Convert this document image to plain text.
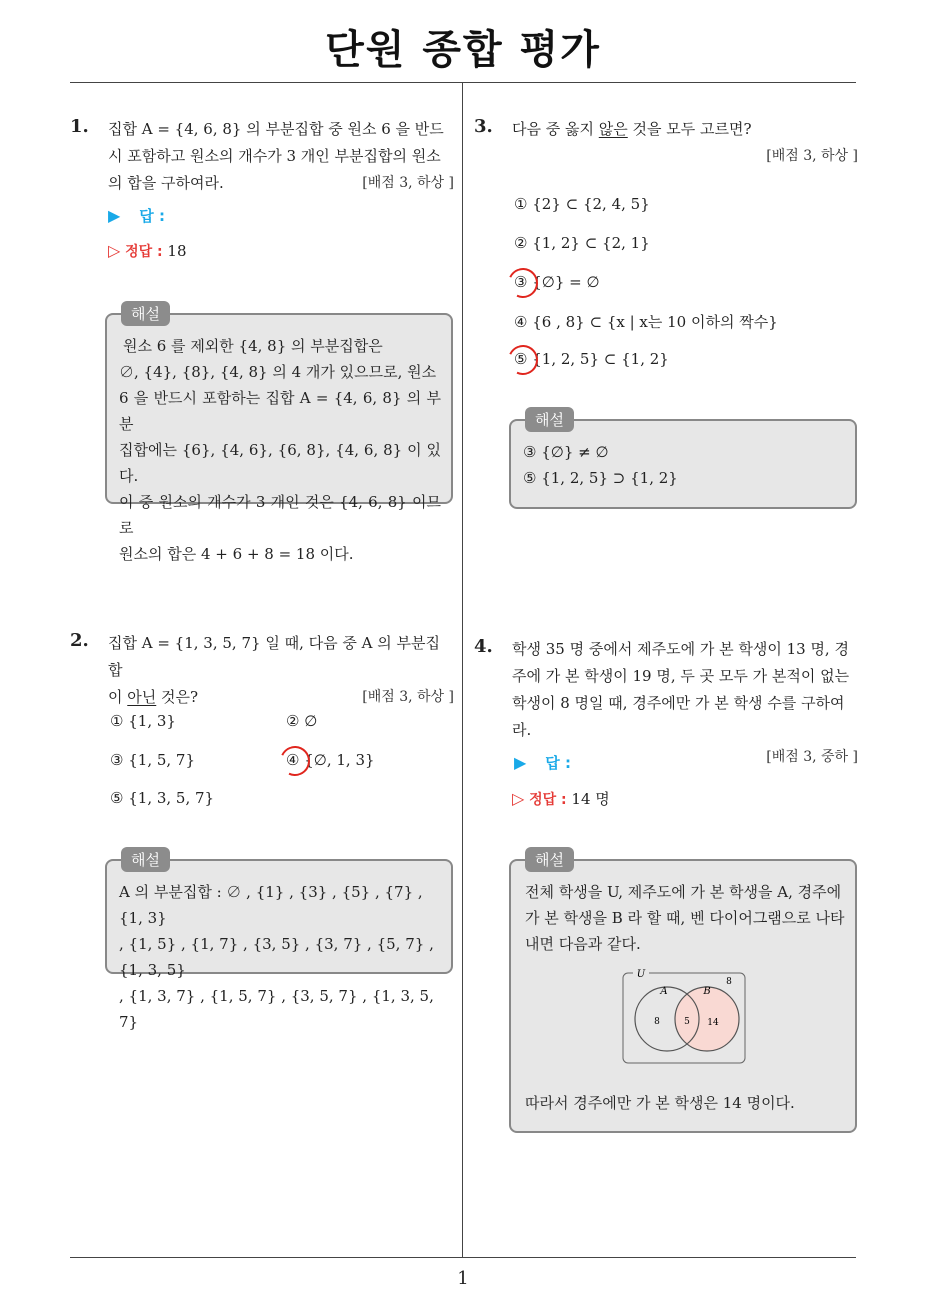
단원 종합 평가
1
1. 집합 A = {4, 6, 8} 의 부분집합 중 원소 6 을 반드시 포함하고 원소의 개수가 3 개인 부분집합의 원소의 합을 구하여라.	[배점 3, 하상 ]
▶ 답 :
▷ 정답 : 18
해설
원소 6 를 제외한 {4, 8} 의 부분집합은
∅, {4}, {8}, {4, 8} 의 4 개가 있으므로, 원소
6 을 반드시 포함하는 집합 A = {4, 6, 8} 의 부분
집합에는 {6}, {4, 6}, {6, 8}, {4, 6, 8} 이 있다.
이 중 원소의 개수가 3 개인 것은 {4, 6, 8} 이므로
원소의 합은 4 + 6 + 8 = 18 이다.
2. 집합 A = {1, 3, 5, 7} 일 때, 다음 중 A 의 부분집합
이 아닌 것은?	[배점 3, 하상 ]
① {1, 3}	② ∅
③ {1, 5, 7}	④ {∅, 1, 3}
⑤ {1, 3, 5, 7}
해설
A 의 부분집합 : ∅ , {1} , {3} , {5} , {7} , {1, 3}
, {1, 5} , {1, 7} , {3, 5} , {3, 7} , {5, 7} , {1, 3, 5}
, {1, 3, 7} , {1, 5, 7} , {3, 5, 7} , {1, 3, 5, 7}
3. 다음 중 옳지 않은 것을 모두 고르면?
[배점 3, 하상 ]
① {2} ⊂ {2, 4, 5}
② {1, 2} ⊂ {2, 1}
③ {∅} = ∅
④ {6 , 8} ⊂ {x | x는 10 이하의 짝수}
⑤ {1, 2, 5} ⊂ {1, 2}
해설
③ {∅} ≠ ∅
⑤ {1, 2, 5} ⊃ {1, 2}
4. 학생 35 명 중에서 제주도에 가 본 학생이 13 명, 경주에 가 본 학생이 19 명, 두 곳 모두 가 본적이 없는 학생이 8 명일 때, 경주에만 가 본 학생 수를 구하여라.
[배점 3, 중하 ]
▶ 답 :
▷ 정답 : 14 명
해설
전체 학생을 U, 제주도에 가 본 학생을 A, 경주에
가 본 학생을 B 라 할 때, 벤 다이어그램으로 나타
내면 다음과 같다.
U
A	B
8
8	5 14
따라서 경주에만 가 본 학생은 14 명이다.
